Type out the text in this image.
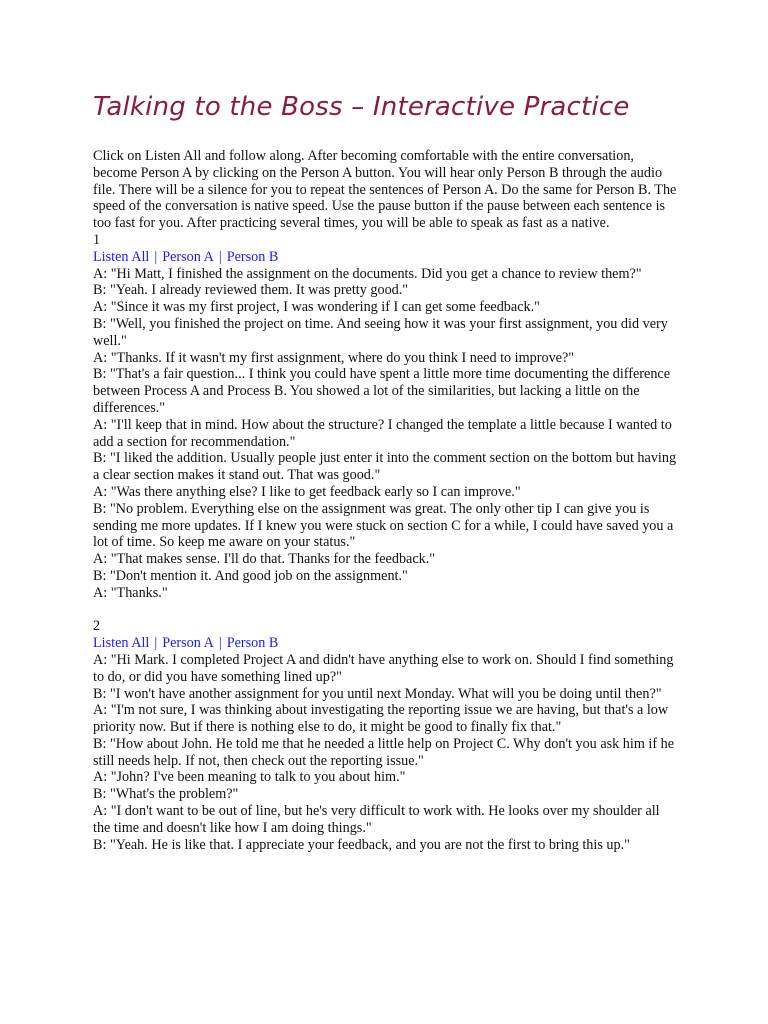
Talking to the Boss – Interactive Practice

Click on Listen All and follow along. After becoming comfortable with the entire conversation, become Person A by clicking on the Person A button. You will hear only Person B through the audio file. There will be a silence for you to repeat the sentences of Person A. Do the same for Person B. The speed of the conversation is native speed. Use the pause button if the pause between each sentence is too fast for you. After practicing several times, you will be able to speak as fast as a native.

1

Listen All | Person A | Person B

A: "Hi Matt, I finished the assignment on the documents. Did you get a chance to review them?"

B: "Yeah. I already reviewed them. It was pretty good."

A: "Since it was my first project, I was wondering if I can get some feedback."

B: "Well, you finished the project on time. And seeing how it was your first assignment, you did very well."

A: "Thanks. If it wasn't my first assignment, where do you think I need to improve?"

B: "That's a fair question... I think you could have spent a little more time documenting the difference between Process A and Process B. You showed a lot of the similarities, but lacking a little on the differences."

A: "I'll keep that in mind. How about the structure? I changed the template a little because I wanted to add a section for recommendation."

B: "I liked the addition. Usually people just enter it into the comment section on the bottom but having a clear section makes it stand out. That was good."

A: "Was there anything else? I like to get feedback early so I can improve."

B: "No problem. Everything else on the assignment was great. The only other tip I can give you is sending me more updates. If I knew you were stuck on section C for a while, I could have saved you a lot of time. So keep me aware on your status."

A: "That makes sense. I'll do that. Thanks for the feedback."

B: "Don't mention it. And good job on the assignment."

A: "Thanks."

2

Listen All | Person A | Person B

A: "Hi Mark. I completed Project A and didn't have anything else to work on. Should I find something to do, or did you have something lined up?"

B: "I won't have another assignment for you until next Monday. What will you be doing until then?"

A: "I'm not sure, I was thinking about investigating the reporting issue we are having, but that's a low priority now. But if there is nothing else to do, it might be good to finally fix that."

B: "How about John. He told me that he needed a little help on Project C. Why don't you ask him if he still needs help. If not, then check out the reporting issue."

A: "John? I've been meaning to talk to you about him."

B: "What's the problem?"

A: "I don't want to be out of line, but he's very difficult to work with. He looks over my shoulder all the time and doesn't like how I am doing things."

B: "Yeah. He is like that. I appreciate your feedback, and you are not the first to bring this up."
